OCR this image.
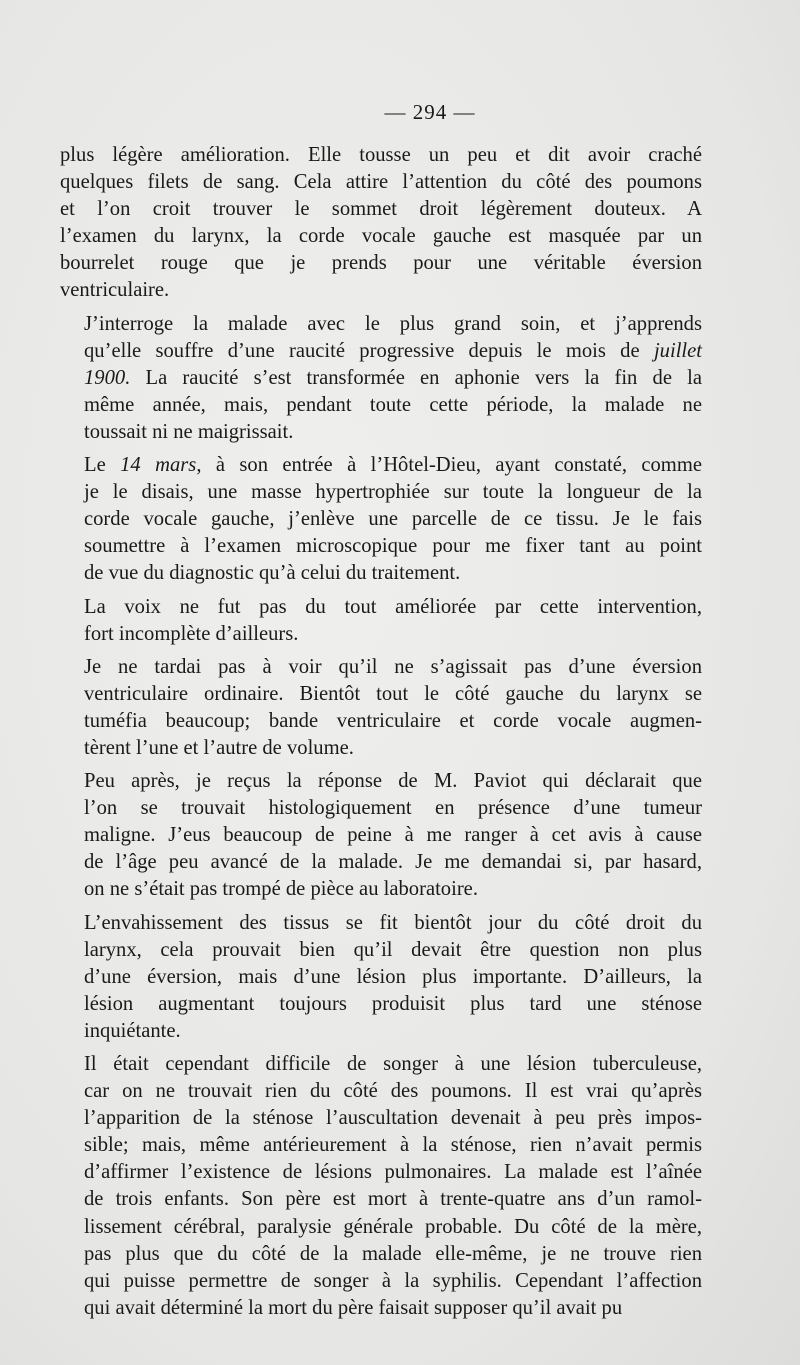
— 294 —

plus légère amélioration. Elle tousse un peu et dit avoir craché
quelques filets de sang. Cela attire l’attention du côté des poumons
et l’on croit trouver le sommet droit légèrement douteux. A
l’examen du larynx, la corde vocale gauche est masquée par un
bourrelet rouge que je prends pour une véritable éversion
ventriculaire.

J’interroge la malade avec le plus grand soin, et j’apprends
qu’elle souffre d’une raucité progressive depuis le mois de juillet
1900. La raucité s’est transformée en aphonie vers la fin de la
même année, mais, pendant toute cette période, la malade ne
toussait ni ne maigrissait.

Le 14 mars, à son entrée à l’Hôtel-Dieu, ayant constaté, comme
je le disais, une masse hypertrophiée sur toute la longueur de la
corde vocale gauche, j’enlève une parcelle de ce tissu. Je le fais
soumettre à l’examen microscopique pour me fixer tant au point
de vue du diagnostic qu’à celui du traitement.

La voix ne fut pas du tout améliorée par cette intervention,
fort incomplète d’ailleurs.

Je ne tardai pas à voir qu’il ne s’agissait pas d’une éversion
ventriculaire ordinaire. Bientôt tout le côté gauche du larynx se
tuméfia beaucoup; bande ventriculaire et corde vocale augmen-
tèrent l’une et l’autre de volume.

Peu après, je reçus la réponse de M. Paviot qui déclarait que
l’on se trouvait histologiquement en présence d’une tumeur
maligne. J’eus beaucoup de peine à me ranger à cet avis à cause
de l’âge peu avancé de la malade. Je me demandai si, par hasard,
on ne s’était pas trompé de pièce au laboratoire.

L’envahissement des tissus se fit bientôt jour du côté droit du
larynx, cela prouvait bien qu’il devait être question non plus
d’une éversion, mais d’une lésion plus importante. D’ailleurs, la
lésion augmentant toujours produisit plus tard une sténose
inquiétante.

Il était cependant difficile de songer à une lésion tuberculeuse,
car on ne trouvait rien du côté des poumons. Il est vrai qu’après
l’apparition de la sténose l’auscultation devenait à peu près impos-
sible; mais, même antérieurement à la sténose, rien n’avait permis
d’affirmer l’existence de lésions pulmonaires. La malade est l’aînée
de trois enfants. Son père est mort à trente-quatre ans d’un ramol-
lissement cérébral, paralysie générale probable. Du côté de la mère,
pas plus que du côté de la malade elle-même, je ne trouve rien
qui puisse permettre de songer à la syphilis. Cependant l’affection
qui avait déterminé la mort du père faisait supposer qu’il avait pu
